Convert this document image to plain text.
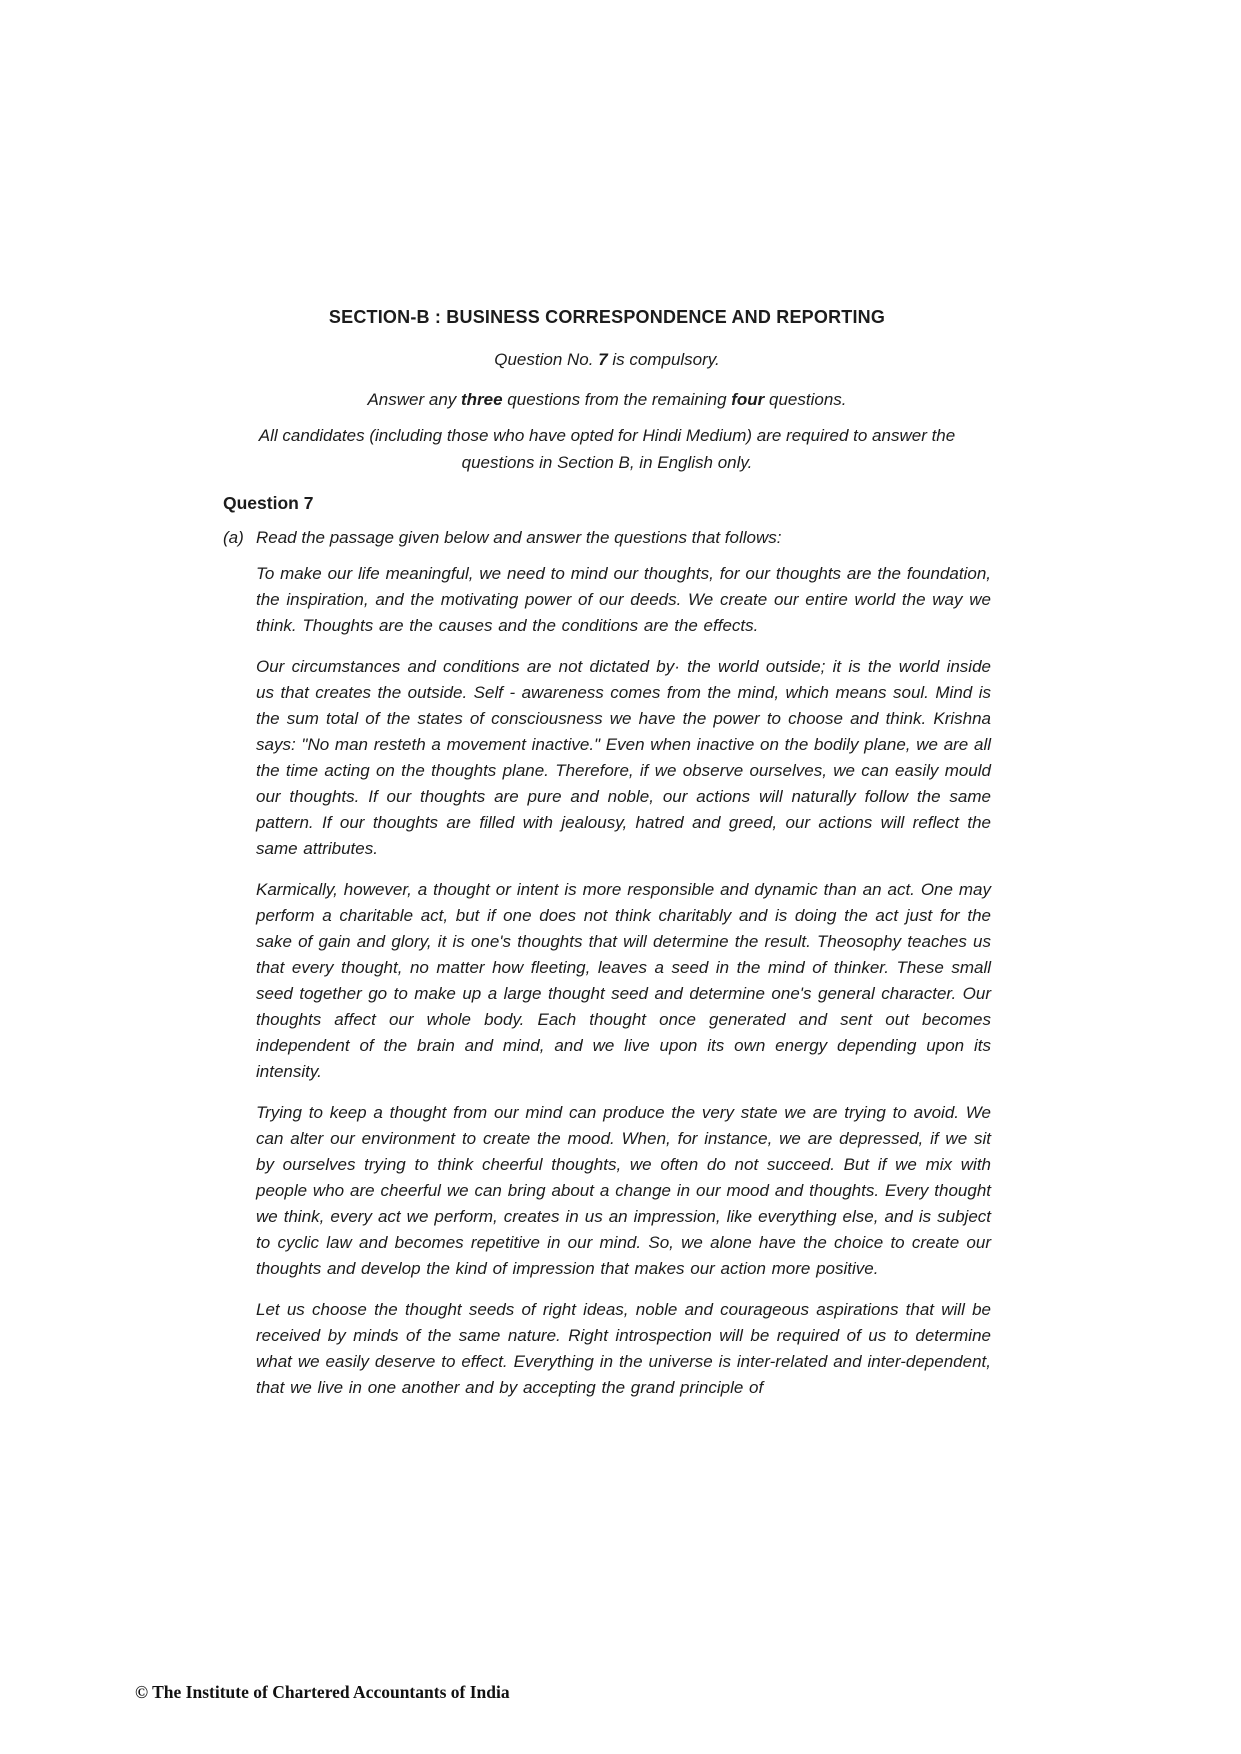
SECTION-B : BUSINESS CORRESPONDENCE AND REPORTING
Question No. 7 is compulsory.
Answer any three questions from the remaining four questions.
All candidates (including those who have opted for Hindi Medium) are required to answer the questions in Section B, in English only.
Question 7
(a) Read the passage given below and answer the questions that follows:

To make our life meaningful, we need to mind our thoughts, for our thoughts are the foundation, the inspiration, and the motivating power of our deeds. We create our entire world the way we think. Thoughts are the causes and the conditions are the effects.

Our circumstances and conditions are not dictated by· the world outside; it is the world inside us that creates the outside. Self - awareness comes from the mind, which means soul. Mind is the sum total of the states of consciousness we have the power to choose and think. Krishna says: "No man resteth a movement inactive." Even when inactive on the bodily plane, we are all the time acting on the thoughts plane. Therefore, if we observe ourselves, we can easily mould our thoughts. If our thoughts are pure and noble, our actions will naturally follow the same pattern. If our thoughts are filled with jealousy, hatred and greed, our actions will reflect the same attributes.

Karmically, however, a thought or intent is more responsible and dynamic than an act. One may perform a charitable act, but if one does not think charitably and is doing the act just for the sake of gain and glory, it is one's thoughts that will determine the result. Theosophy teaches us that every thought, no matter how fleeting, leaves a seed in the mind of thinker. These small seed together go to make up a large thought seed and determine one's general character. Our thoughts affect our whole body. Each thought once generated and sent out becomes independent of the brain and mind, and we live upon its own energy depending upon its intensity.

Trying to keep a thought from our mind can produce the very state we are trying to avoid. We can alter our environment to create the mood. When, for instance, we are depressed, if we sit by ourselves trying to think cheerful thoughts, we often do not succeed. But if we mix with people who are cheerful we can bring about a change in our mood and thoughts. Every thought we think, every act we perform, creates in us an impression, like everything else, and is subject to cyclic law and becomes repetitive in our mind. So, we alone have the choice to create our thoughts and develop the kind of impression that makes our action more positive.

Let us choose the thought seeds of right ideas, noble and courageous aspirations that will be received by minds of the same nature. Right introspection will be required of us to determine what we easily deserve to effect. Everything in the universe is inter-related and inter-dependent, that we live in one another and by accepting the grand principle of

© The Institute of Chartered Accountants of India
